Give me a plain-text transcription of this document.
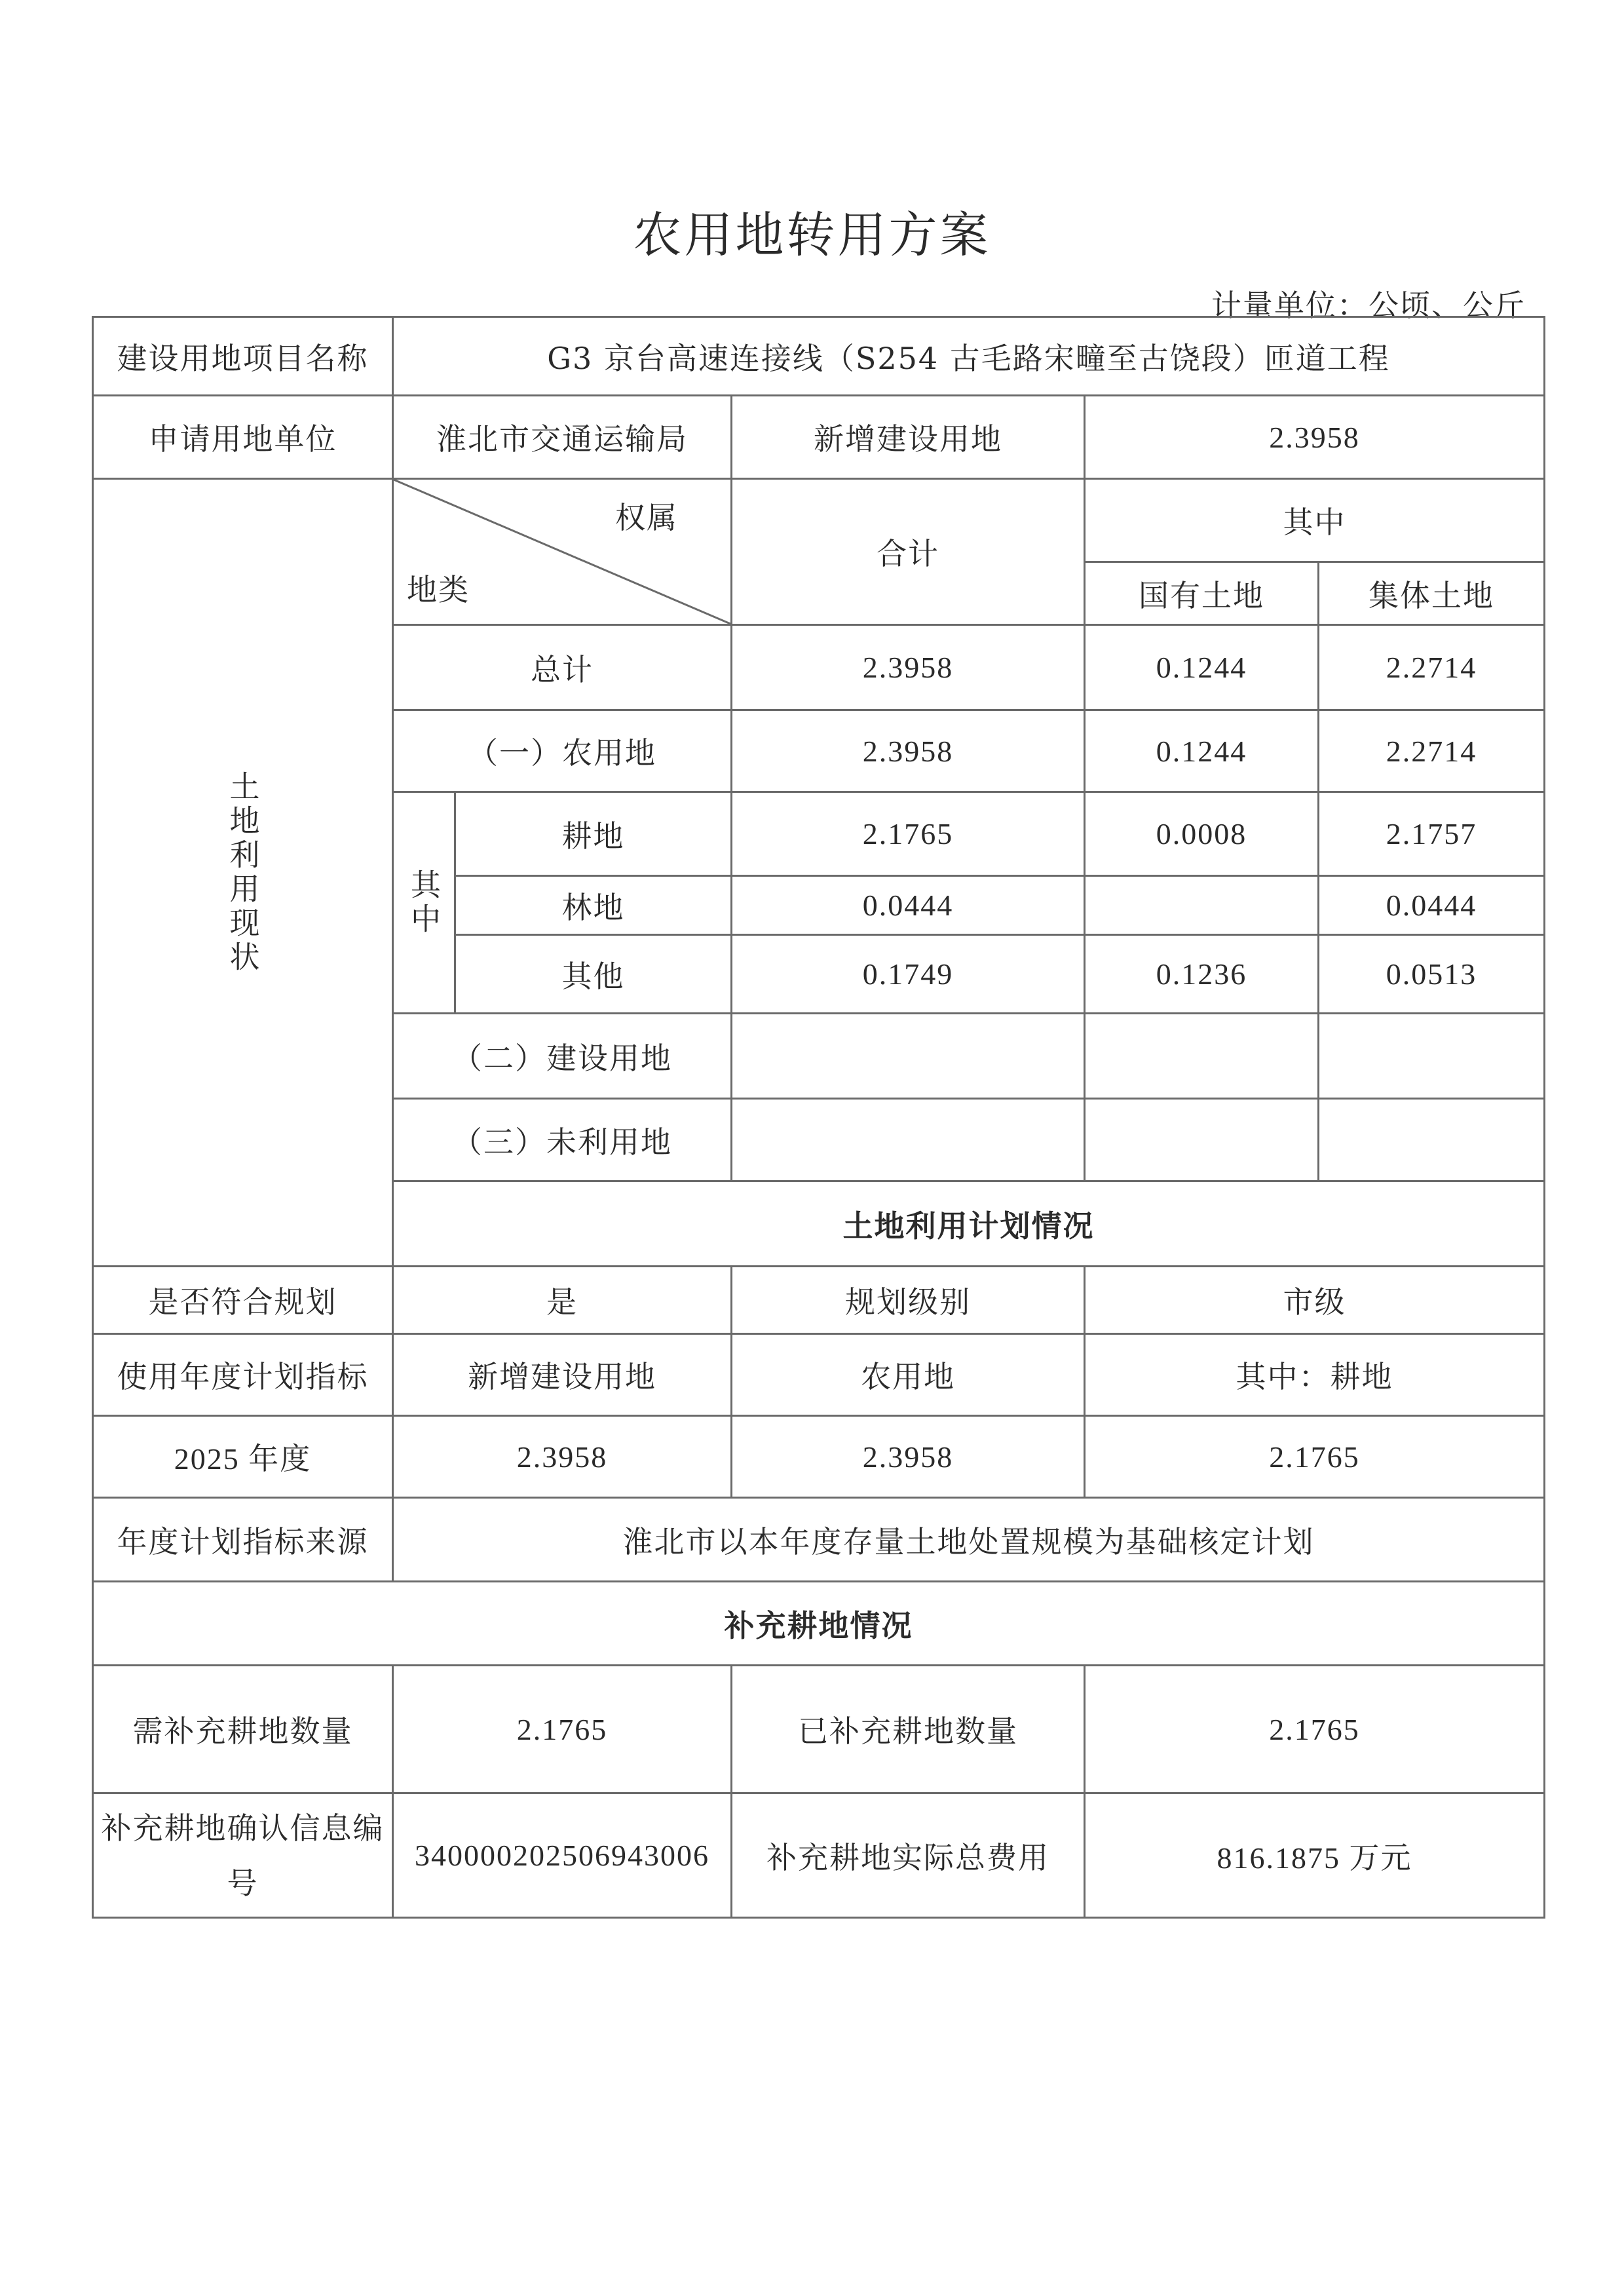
农用地转用方案
计量单位：公顷、公斤
建设用地项目名称	G3 京台高速连接线（S254 古毛路宋疃至古饶段）匝道工程				
申请用地单位	淮北市交通运输局		新增建设用地	2.3958	

土地利用现状	权属
地类		合计	其中	
				国有土地	集体土地
	总计		2.3958	0.1244	2.2714
	（一）农用地		2.3958	0.1244	2.2714

	其中	耕地	2.1765	0.0008	2.1757
		林地	0.0444		0.0444
		其他	0.1749	0.1236	0.0513
	（二）建设用地				
	（三）未利用地				
	土地利用计划情况				
是否符合规划	是		规划级别	市级	
使用年度计划指标	新增建设用地		农用地	其中：耕地	
2025 年度	2.3958		2.3958	2.1765	
年度计划指标来源	淮北市以本年度存量土地处置规模为基础核定计划				
补充耕地情况					
需补充耕地数量	2.1765		已补充耕地数量	2.1765	
补充耕地确认信息编号	340000202506943006		补充耕地实际总费用	816.1875 万元	
